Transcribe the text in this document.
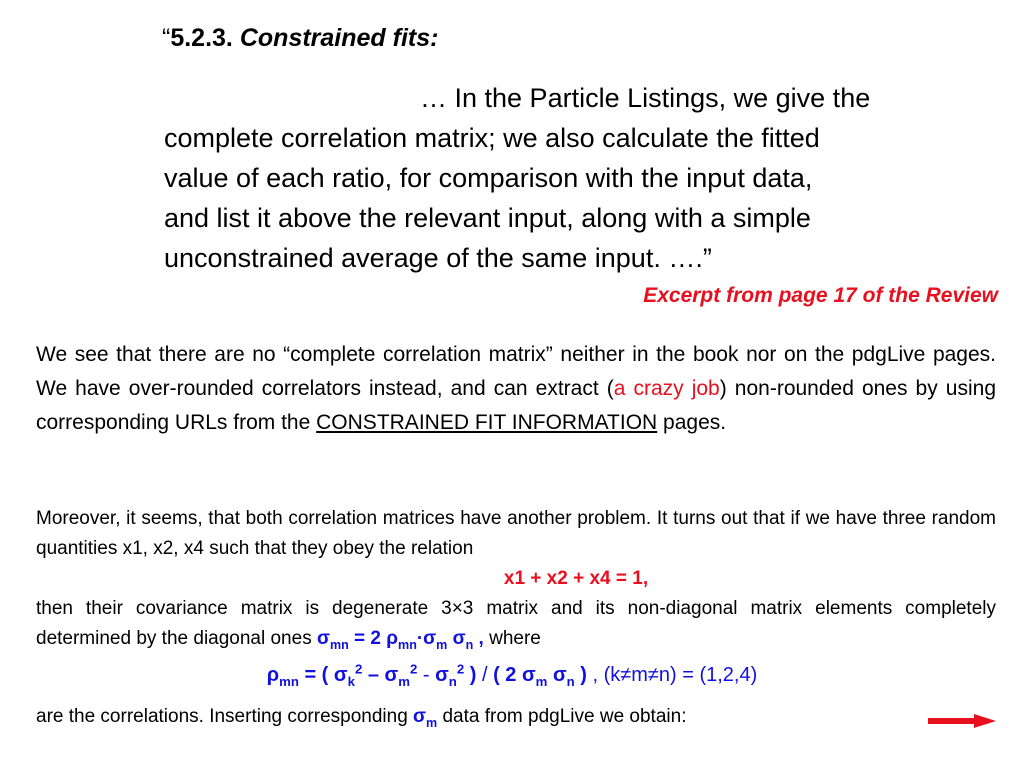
“5.2.3. Constrained fits:
… In the Particle Listings, we give the
complete correlation matrix; we also calculate the fitted
value of each ratio, for comparison with the input data,
and list it above the relevant input, along with a simple
unconstrained average of the same input. ….”
Excerpt from page 17 of the Review
We see that there are no “complete correlation matrix” neither in the book nor on the pdgLive pages. We have over-rounded correlators instead, and can extract (a crazy job) non-rounded ones by using corresponding URLs from the CONSTRAINED FIT INFORMATION pages.
Moreover, it seems, that both correlation matrices have another problem. It turns out that if we have three random quantities x1, x2, x4 such that they obey the relation
x1 + x2 + x4 = 1,
then their covariance matrix is degenerate 3×3 matrix and its non-diagonal matrix elements completely determined by the diagonal ones $\sigma_{mn} = 2$ $\rho_{mn}\cdot\sigma_m$ $\sigma_n$ , where
$\rho_{mn}$ = ( $\sigma_k^2 - \sigma_m^2 - \sigma_n^2$ ) / ( 2 $\sigma_m$ $\sigma_n$ ) , (k≠m≠n) = (1,2,4)
are the correlations. Inserting corresponding $\sigma_m$ data from pdgLive we obtain:
